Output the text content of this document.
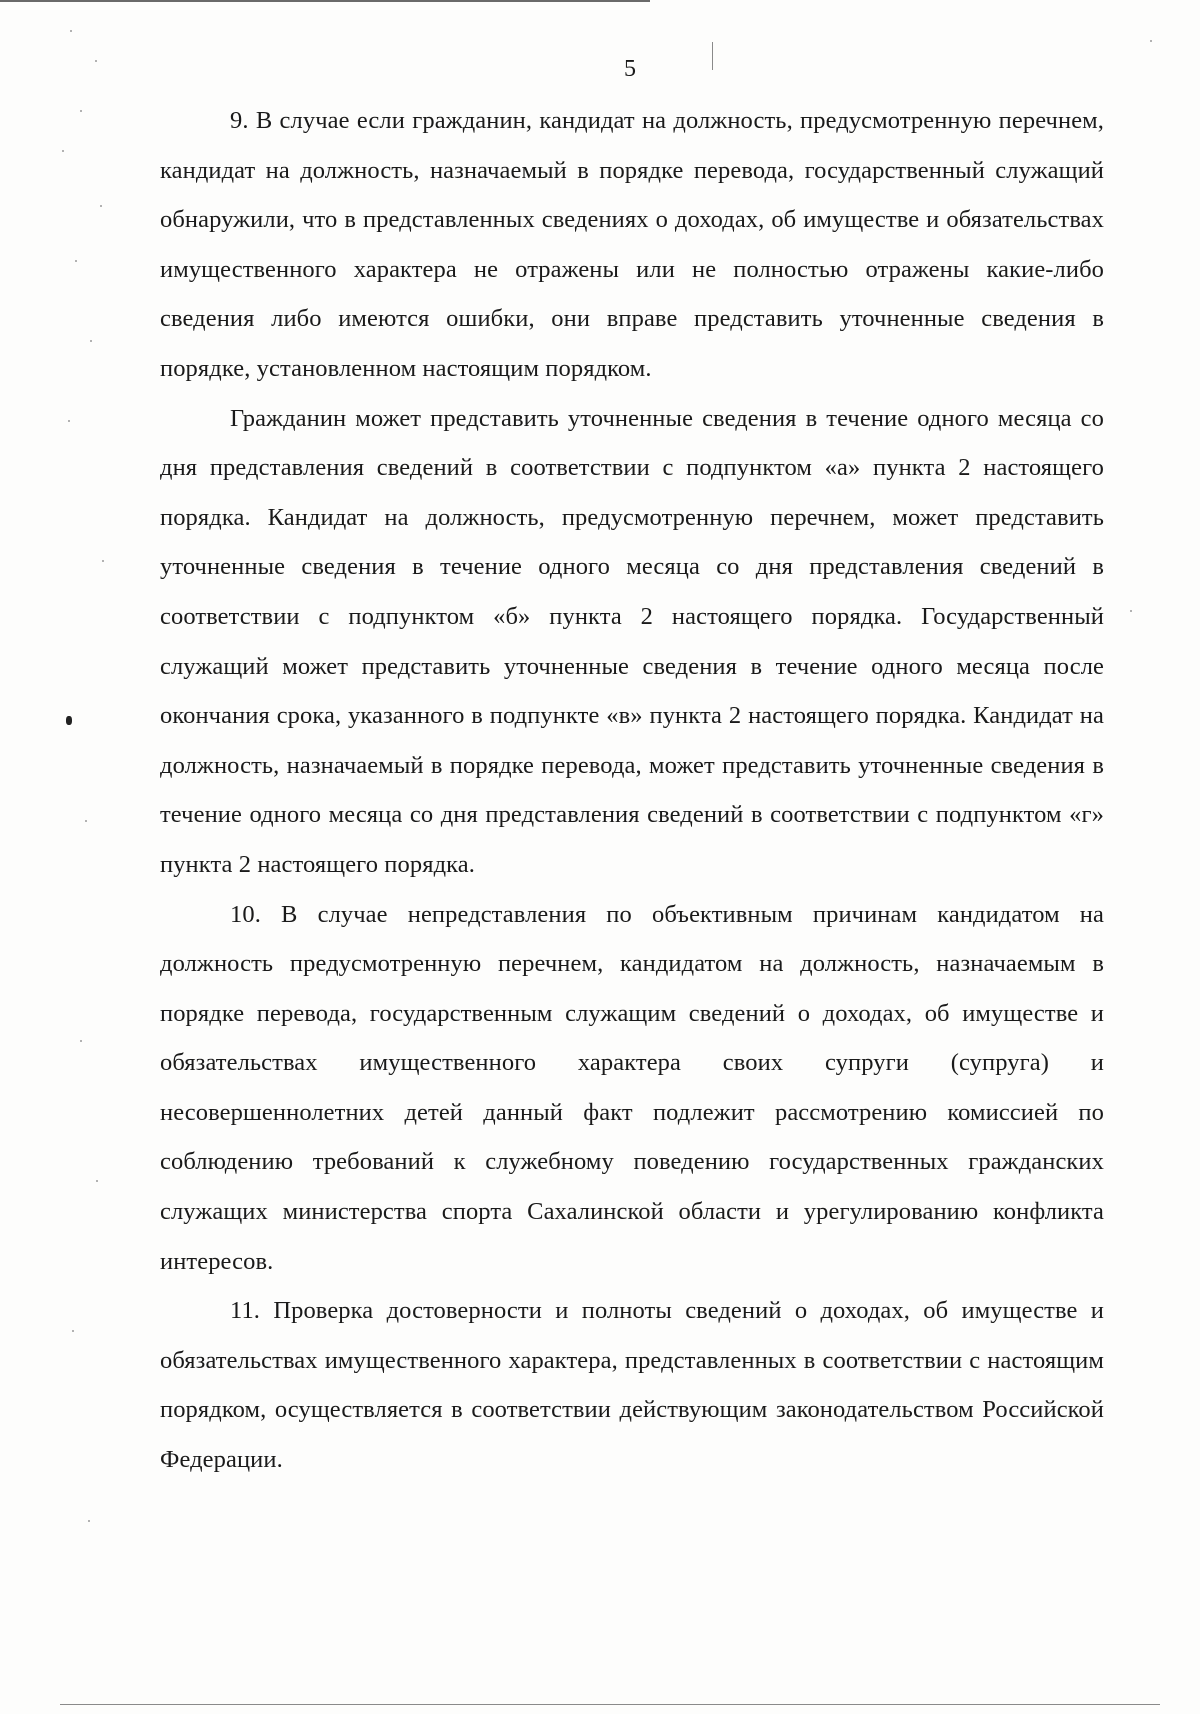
5

9. В случае если гражданин, кандидат на должность, предусмотренную перечнем, кандидат на должность, назначаемый в порядке перевода, государственный служащий обнаружили, что в представленных сведениях о доходах, об имуществе и обязательствах имущественного характера не отражены или не полностью отражены какие-либо сведения либо имеются ошибки, они вправе представить уточненные сведения в порядке, установленном настоящим порядком.

Гражданин может представить уточненные сведения в течение одного месяца со дня представления сведений в соответствии с подпунктом «а» пункта 2 настоящего порядка. Кандидат на должность, предусмотренную перечнем, может представить уточненные сведения в течение одного месяца со дня представления сведений в соответствии с подпунктом «б» пункта 2 настоящего порядка. Государственный служащий может представить уточненные сведения в течение одного месяца после окончания срока, указанного в подпункте «в» пункта 2 настоящего порядка. Кандидат на должность, назначаемый в порядке перевода, может представить уточненные сведения в течение одного месяца со дня представления сведений в соответствии с подпунктом «г» пункта 2 настоящего порядка.

10. В случае непредставления по объективным причинам кандидатом на должность предусмотренную перечнем, кандидатом на должность, назначаемым в порядке перевода, государственным служащим сведений о доходах, об имуществе и обязательствах имущественного характера своих супруги (супруга) и несовершеннолетних детей данный факт подлежит рассмотрению комиссией по соблюдению требований к служебному поведению государственных гражданских служащих министерства спорта Сахалинской области и урегулированию конфликта интересов.

11. Проверка достоверности и полноты сведений о доходах, об имуществе и обязательствах имущественного характера, представленных в соответствии с настоящим порядком, осуществляется в соответствии действующим законодательством Российской Федерации.
